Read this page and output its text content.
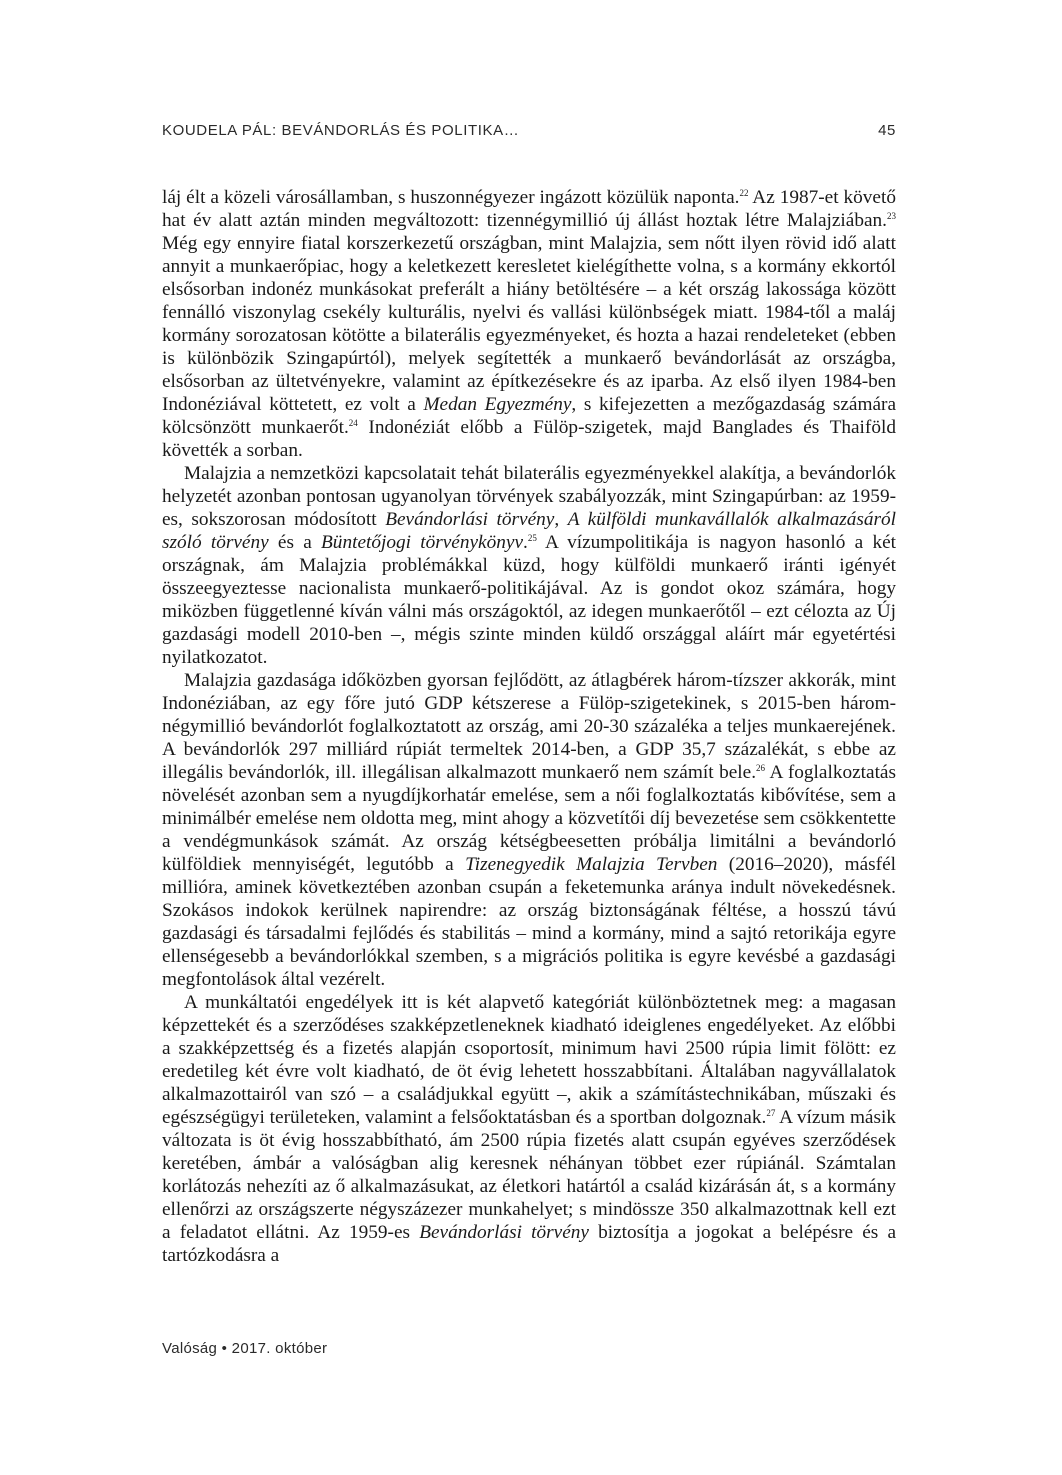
KOUDELA PÁL: BEVÁNDORLÁS ÉS POLITIKA…	45

láj élt a közeli városállamban, s huszonnégyezer ingázott közülük naponta.$^{22}$ Az 1987-et követő hat év alatt aztán minden megváltozott: tizennégymillió új állást hoztak létre Malajziában.$^{23}$ Még egy ennyire fiatal korszerkezetű országban, mint Malajzia, sem nőtt ilyen rövid idő alatt annyit a munkaerőpiac, hogy a keletkezett keresletet kielégíthette volna, s a kormány ekkortól elsősorban indonéz munkásokat preferált a hiány betöltésére – a két ország lakossága között fennálló viszonylag csekély kulturális, nyelvi és vallási különbségek miatt. 1984-től a maláj kormány sorozatosan kötötte a bilaterális egyezményeket, és hozta a hazai rendeleteket (ebben is különbözik Szingapúrtól), melyek segítették a munkaerő bevándorlását az országba, elsősorban az ültetvényekre, valamint az építkezésekre és az iparba. Az első ilyen 1984-ben Indonéziával köttetett, ez volt a Medan Egyezmény, s kifejezetten a mezőgazdaság számára kölcsönzött munkaerőt.$^{24}$ Indonéziát előbb a Fülöp-szigetek, majd Banglades és Thaiföld követték a sorban.

Malajzia a nemzetközi kapcsolatait tehát bilaterális egyezményekkel alakítja, a bevándorlók helyzetét azonban pontosan ugyanolyan törvények szabályozzák, mint Szingapúrban: az 1959-es, sokszorosan módosított Bevándorlási törvény, A külföldi munkavállalók alkalmazásáról szóló törvény és a Büntetőjogi törvénykönyv.$^{25}$ A vízumpolitikája is nagyon hasonló a két országnak, ám Malajzia problémákkal küzd, hogy külföldi munkaerő iránti igényét összeegyeztesse nacionalista munkaerő-politikájával. Az is gondot okoz számára, hogy miközben függetlenné kíván válni más országoktól, az idegen munkaerőtől – ezt célozta az Új gazdasági modell 2010-ben –, mégis szinte minden küldő országgal aláírt már egyetértési nyilatkozatot.

Malajzia gazdasága időközben gyorsan fejlődött, az átlagbérek három-tízszer akkorák, mint Indonéziában, az egy főre jutó GDP kétszerese a Fülöp-szigetekinek, s 2015-ben három-négymillió bevándorlót foglalkoztatott az ország, ami 20-30 százaléka a teljes munkaerejének. A bevándorlók 297 milliárd rúpiát termeltek 2014-ben, a GDP 35,7 százalékát, s ebbe az illegális bevándorlók, ill. illegálisan alkalmazott munkaerő nem számít bele.$^{26}$ A foglalkoztatás növelését azonban sem a nyugdíjkorhatár emelése, sem a női foglalkoztatás kibővítése, sem a minimálbér emelése nem oldotta meg, mint ahogy a közvetítői díj bevezetése sem csökkentette a vendégmunkások számát. Az ország kétségbeesetten próbálja limitálni a bevándorló külföldiek mennyiségét, legutóbb a Tizenegyedik Malajzia Tervben (2016–2020), másfél millióra, aminek következtében azonban csupán a feketemunka aránya indult növekedésnek. Szokásos indokok kerülnek napirendre: az ország biztonságának féltése, a hosszú távú gazdasági és társadalmi fejlődés és stabilitás – mind a kormány, mind a sajtó retorikája egyre ellenségesebb a bevándorlókkal szemben, s a migrációs politika is egyre kevésbé a gazdasági megfontolások által vezérelt.

A munkáltatói engedélyek itt is két alapvető kategóriát különböztetnek meg: a magasan képzettekét és a szerződéses szakképzetleneknek kiadható ideiglenes engedélyeket. Az előbbi a szakképzettség és a fizetés alapján csoportosít, minimum havi 2500 rúpia limit fölött: ez eredetileg két évre volt kiadható, de öt évig lehetett hosszabbítani. Általában nagyvállalatok alkalmazottairól van szó – a családjukkal együtt –, akik a számítástechnikában, műszaki és egészségügyi területeken, valamint a felsőoktatásban és a sportban dolgoznak.$^{27}$ A vízum másik változata is öt évig hosszabbítható, ám 2500 rúpia fizetés alatt csupán egyéves szerződések keretében, ámbár a valóságban alig keresnek néhányan többet ezer rúpiánál. Számtalan korlátozás nehezíti az ő alkalmazásukat, az életkori határtól a család kizárásán át, s a kormány ellenőrzi az országszerte négyszázezer munkahelyet; s mindössze 350 alkalmazottnak kell ezt a feladatot ellátni. Az 1959-es Bevándorlási törvény biztosítja a jogokat a belépésre és a tartózkodásra a

Valóság • 2017. október
